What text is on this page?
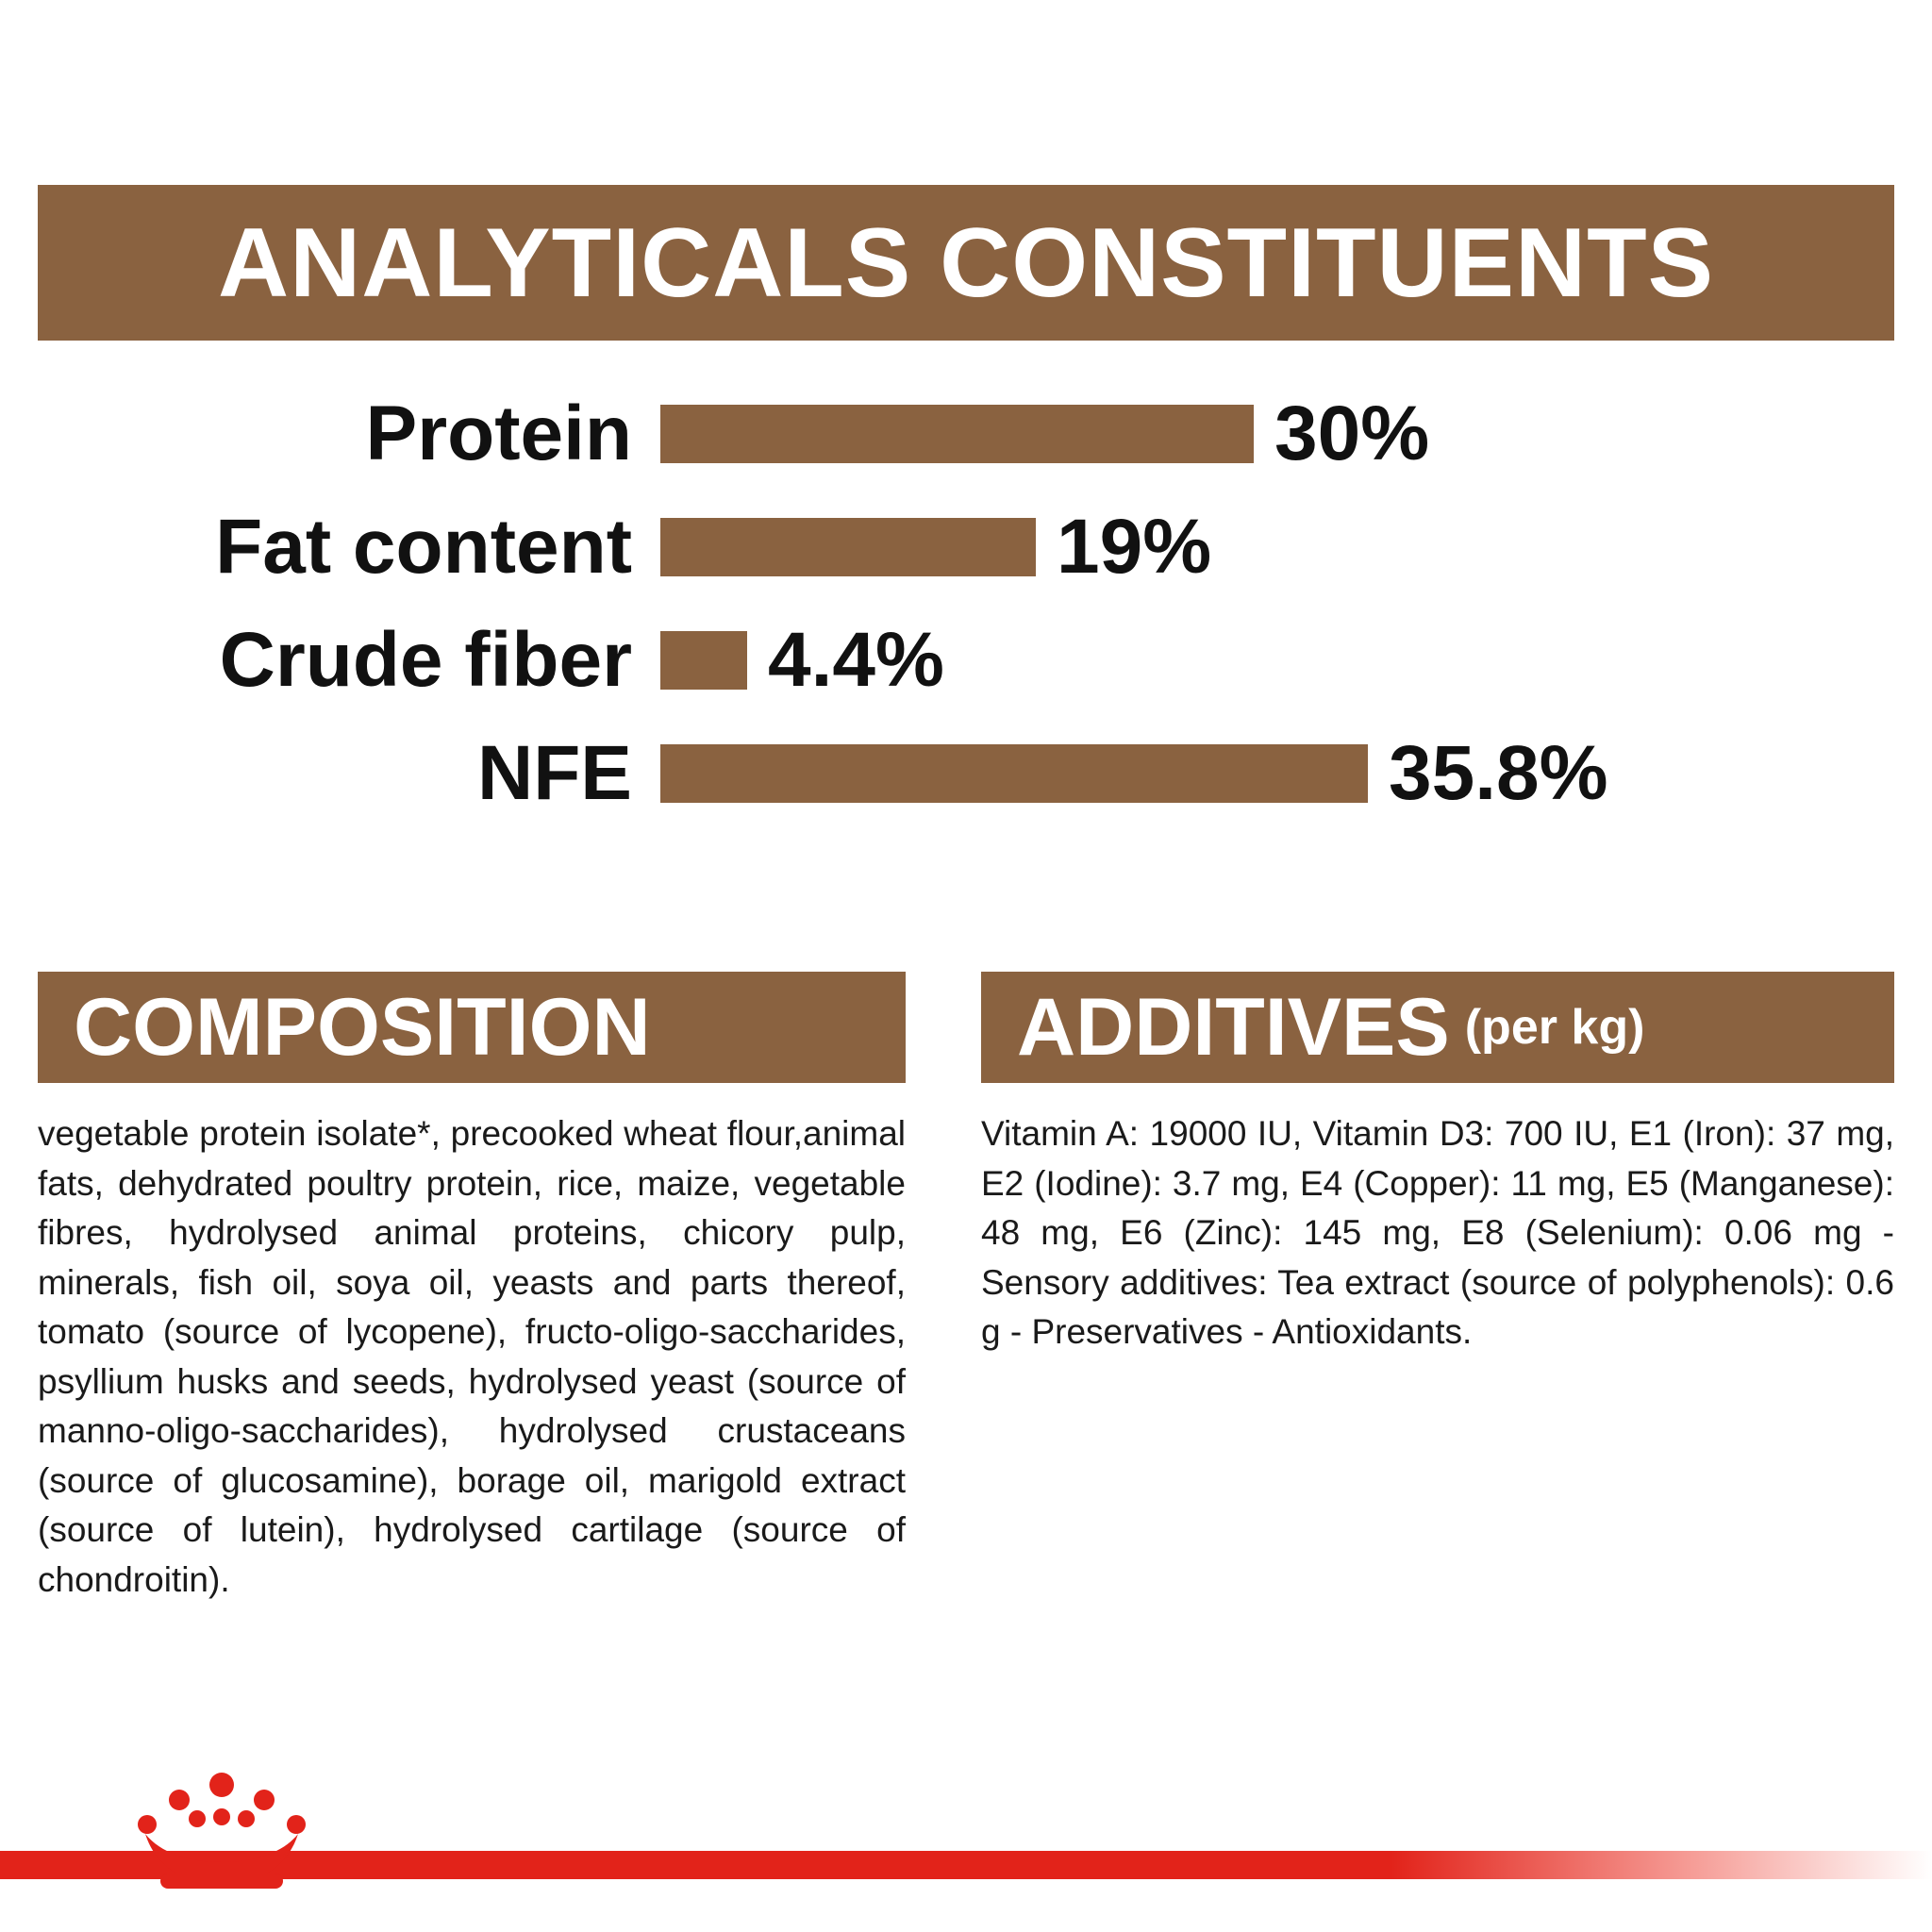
ANALYTICALS CONSTITUENTS
Protein	30%
Fat content	19%
Crude fiber	4.4%
NFE	35.8%
COMPOSITION
vegetable protein isolate*, precooked wheat flour,animal fats, dehydrated poultry protein, rice, maize, vegetable fibres, hydrolysed animal proteins, chicory pulp, minerals, fish oil, soya oil, yeasts and parts thereof, tomato (source of lycopene), fructo-oligo-saccharides, psyllium husks and seeds, hydrolysed yeast (source of manno-oligo-saccharides), hydrolysed crustaceans (source of glucosamine), borage oil, marigold extract (source of lutein), hydrolysed cartilage (source of chondroitin).
ADDITIVES (per kg)
Vitamin A: 19000 IU, Vitamin D3: 700 IU, E1 (Iron): 37 mg, E2 (Iodine): 3.7 mg, E4 (Copper): 11 mg, E5 (Manganese): 48 mg, E6 (Zinc): 145 mg, E8 (Selenium): 0.06 mg - Sensory additives: Tea extract (source of polyphenols): 0.6 g - Preservatives - Antioxidants.
